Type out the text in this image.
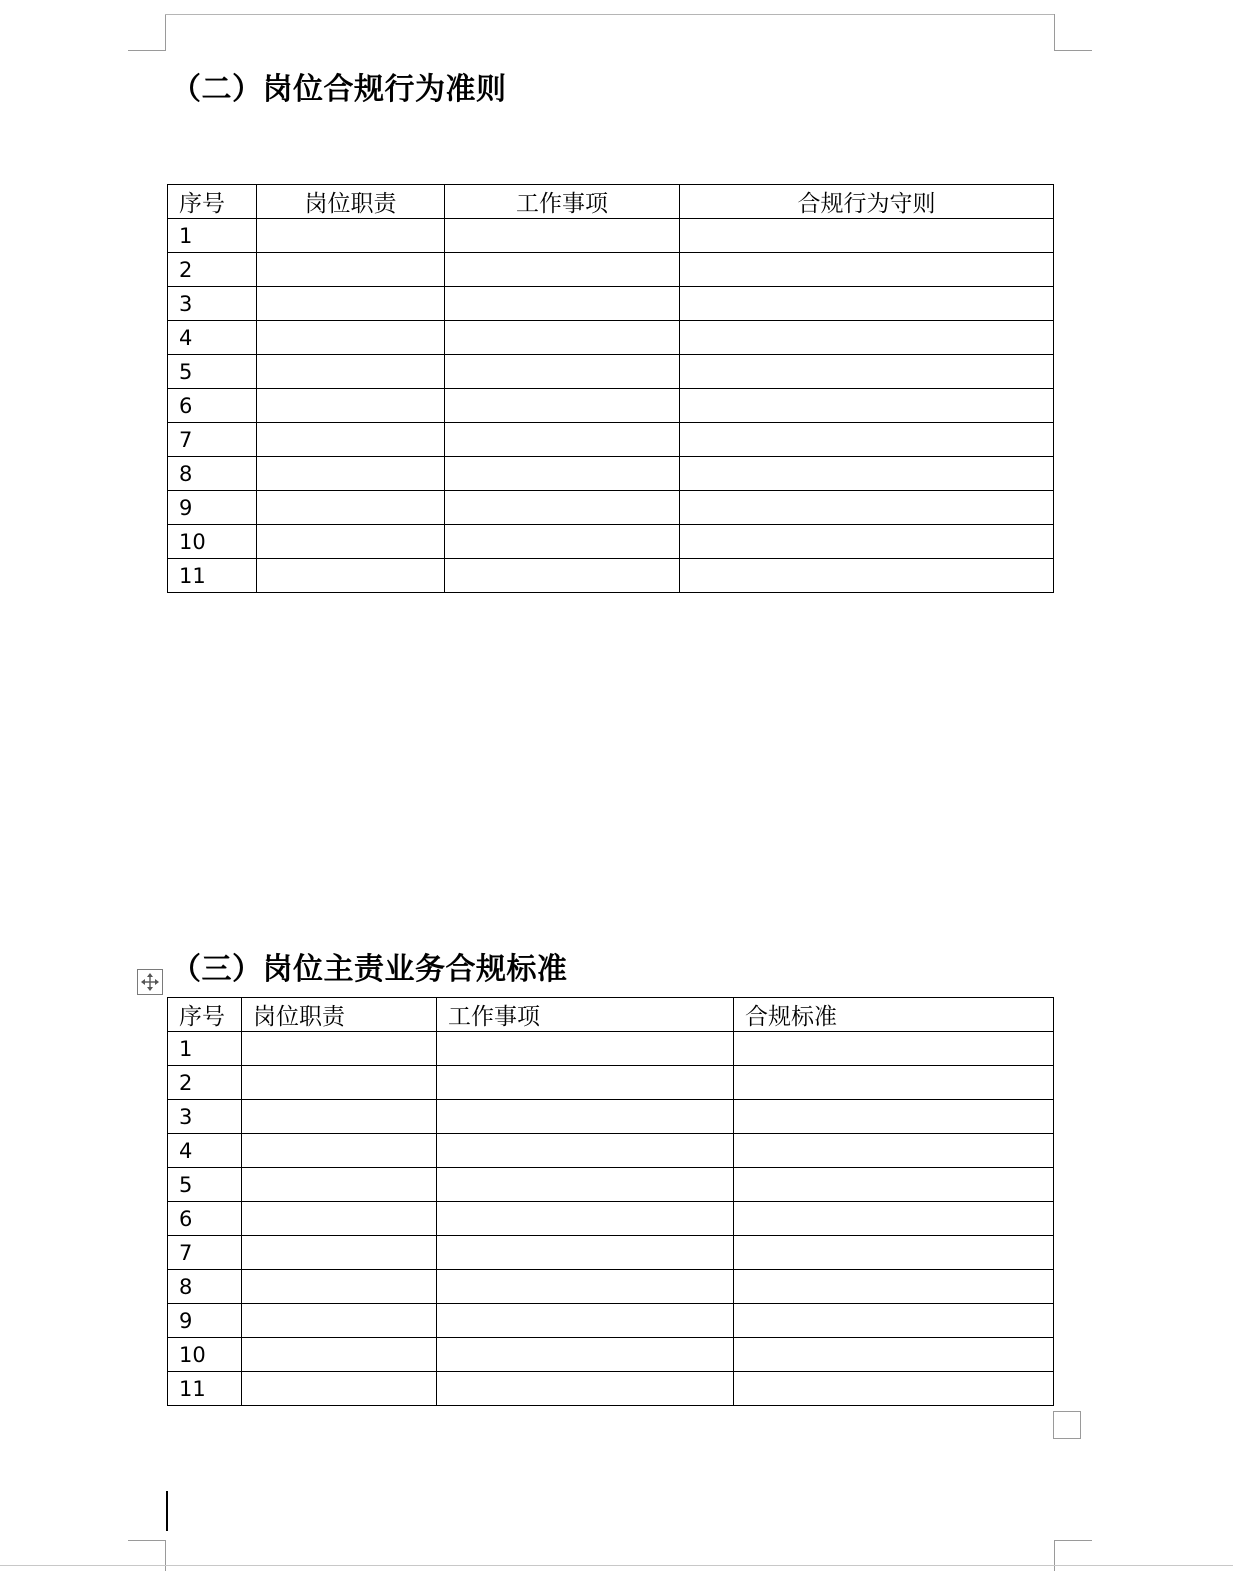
（二）岗位合规行为准则
序号	岗位职责	工作事项	合规行为守则
1			
2			
3			
4			
5			
6			
7			
8			
9			
10			
11			
（三）岗位主责业务合规标准
序号	岗位职责	工作事项	合规标准
1			
2			
3			
4			
5			
6			
7			
8			
9			
10			
11			
